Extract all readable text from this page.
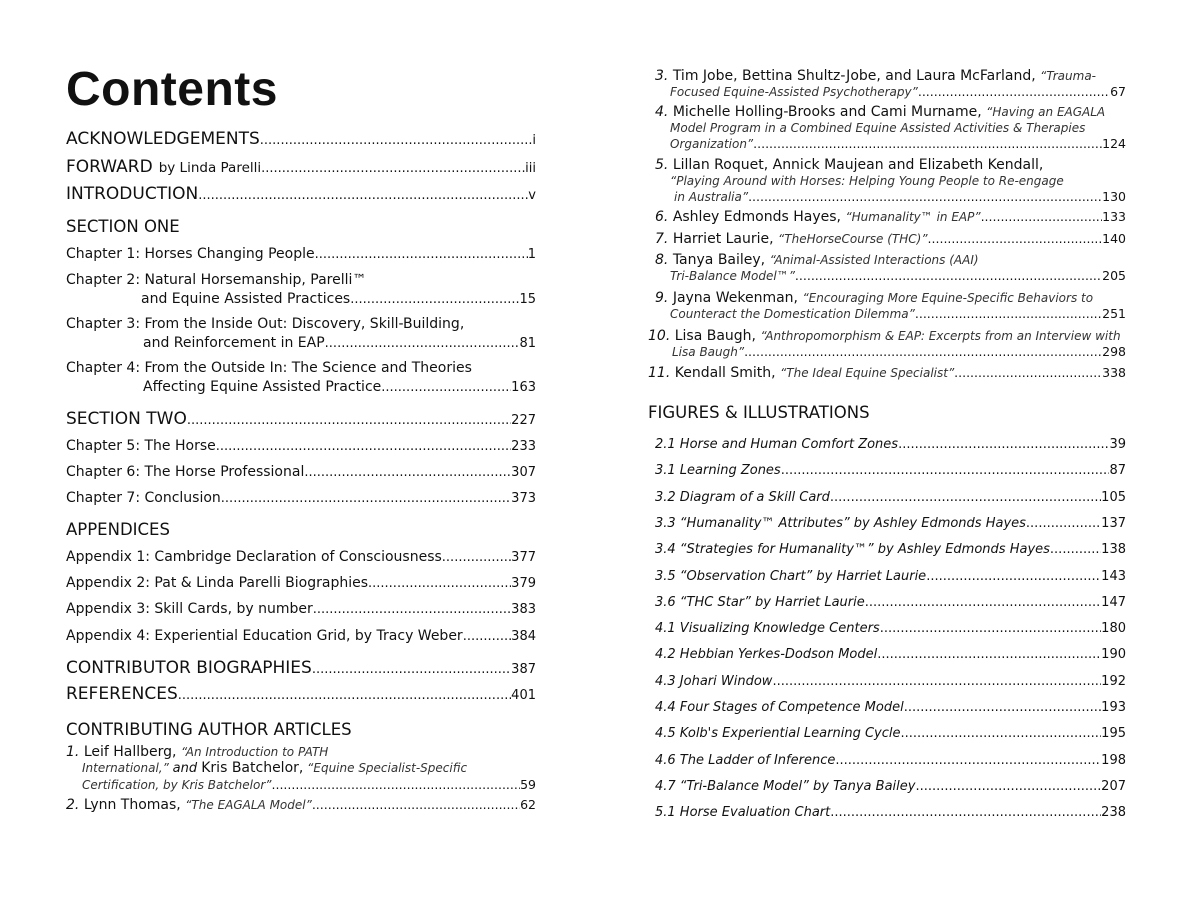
Contents
ACKNOWLEDGEMENTS .....	i
FORWARD by Linda Parelli .....	iii
INTRODUCTION .....	v
SECTION ONE
Chapter 1: Horses Changing People .....	1
Chapter 2: Natural Horsemanship, Parelli™
and Equine Assisted Practices .....	15
Chapter 3: From the Inside Out: Discovery, Skill-Building,
and Reinforcement in EAP .....	81
Chapter 4: From the Outside In: The Science and Theories
Affecting Equine Assisted Practice .....	163
SECTION TWO .....	227
Chapter 5: The Horse .....	233
Chapter 6: The Horse Professional .....	307
Chapter 7: Conclusion .....	373
APPENDICES
Appendix 1: Cambridge Declaration of Consciousness .....	377
Appendix 2: Pat & Linda Parelli Biographies .....	379
Appendix 3: Skill Cards, by number .....	383
Appendix 4: Experiential Education Grid, by Tracy Weber .....	384
CONTRIBUTOR BIOGRAPHIES .....	387
REFERENCES .....	401
CONTRIBUTING AUTHOR ARTICLES
1. Leif Hallberg, “An Introduction to PATH
International,” and Kris Batchelor, “Equine Specialist-Specific
Certification, by Kris Batchelor” .....	59
2. Lynn Thomas, “The EAGALA Model” .....	62
3. Tim Jobe, Bettina Shultz-Jobe, and Laura McFarland, “Trauma-
Focused Equine-Assisted Psychotherapy” .....	67
4. Michelle Holling-Brooks and Cami Murname, “Having an EAGALA
Model Program in a Combined Equine Assisted Activities & Therapies
Organization” .....	124
5. Lillan Roquet, Annick Maujean and Elizabeth Kendall,
“Playing Around with Horses: Helping Young People to Re-engage
in Australia” .....	130
6. Ashley Edmonds Hayes, “Humanality™ in EAP” .....	133
7. Harriet Laurie, “TheHorseCourse (THC)” .....	140
8. Tanya Bailey, “Animal-Assisted Interactions (AAI)
Tri-Balance Model™” .....	205
9. Jayna Wekenman, “Encouraging More Equine-Specific Behaviors to
Counteract the Domestication Dilemma” .....	251
10. Lisa Baugh, “Anthropomorphism & EAP: Excerpts from an Interview with
Lisa Baugh” .....	298
11. Kendall Smith, “The Ideal Equine Specialist” .....	338
FIGURES & ILLUSTRATIONS
2.1 Horse and Human Comfort Zones .....	39
3.1 Learning Zones .....	87
3.2 Diagram of a Skill Card .....	105
3.3 “Humanality™ Attributes” by Ashley Edmonds Hayes .....	137
3.4 “Strategies for Humanality™” by Ashley Edmonds Hayes .....	138
3.5 “Observation Chart” by Harriet Laurie .....	143
3.6 “THC Star” by Harriet Laurie .....	147
4.1 Visualizing Knowledge Centers .....	180
4.2 Hebbian Yerkes-Dodson Model .....	190
4.3 Johari Window .....	192
4.4 Four Stages of Competence Model .....	193
4.5 Kolb's Experiential Learning Cycle .....	195
4.6 The Ladder of Inference .....	198
4.7 “Tri-Balance Model” by Tanya Bailey .....	207
5.1 Horse Evaluation Chart .....	238
